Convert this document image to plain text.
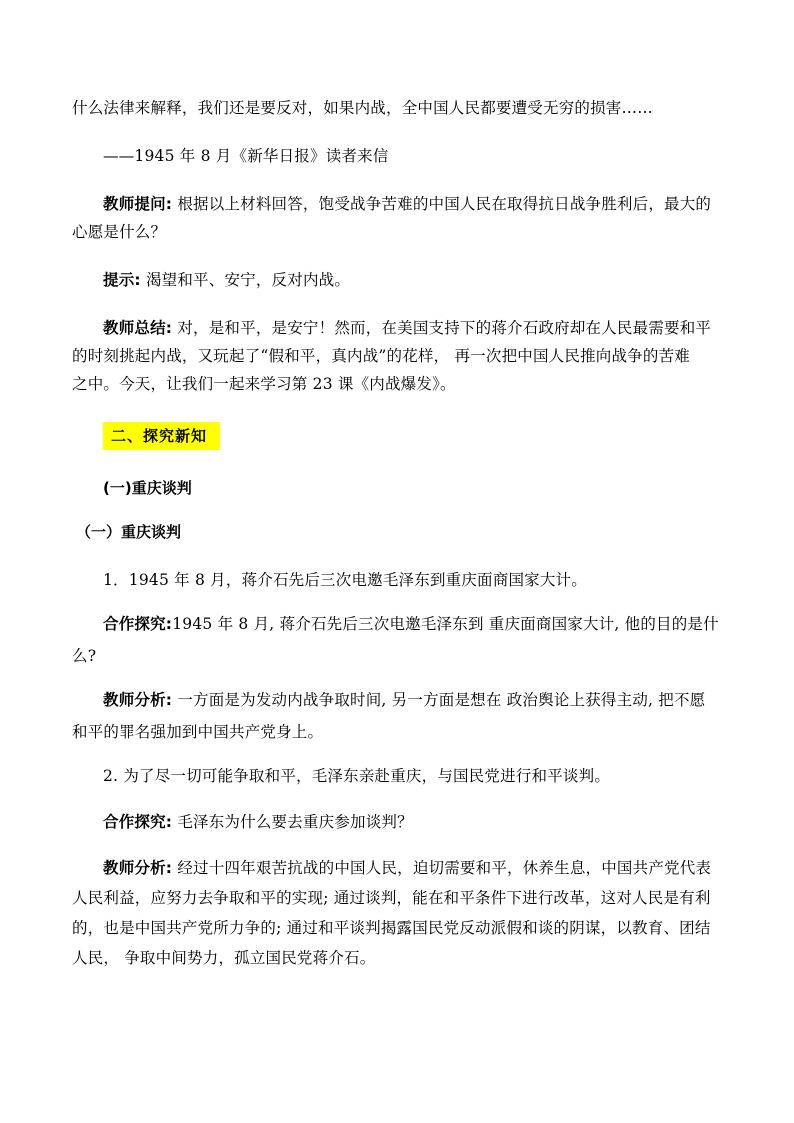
什么法律来解释，我们还是要反对，如果内战，全中国人民都要遭受无穷的损害……
——1945 年 8 月《新华日报》读者来信
教师提问: 根据以上材料回答，饱受战争苦难的中国人民在取得抗日战争胜利后，最大的
心愿是什么？
提示: 渴望和平、安宁，反对内战。
教师总结: 对，是和平，是安宁！然而，在美国支持下的蒋介石政府却在人民最需要和平
的时刻挑起内战，又玩起了“假和平，真内战”的花样， 再一次把中国人民推向战争的苦难
之中。今天，让我们一起来学习第 23 课《内战爆发》。
二、探究新知
(一)重庆谈判
（一）重庆谈判
1．1945 年 8 月，蒋介石先后三次电邀毛泽东到重庆面商国家大计。
合作探究:1945 年 8 月, 蒋介石先后三次电邀毛泽东到 重庆面商国家大计, 他的目的是什
么?
教师分析: 一方面是为发动内战争取时间, 另一方面是想在 政治舆论上获得主动, 把不愿
和平的罪名强加到中国共产党身上。
2. 为了尽一切可能争取和平，毛泽东亲赴重庆，与国民党进行和平谈判。
合作探究: 毛泽东为什么要去重庆参加谈判？
教师分析: 经过十四年艰苦抗战的中国人民，迫切需要和平，休养生息，中国共产党代表
人民利益，应努力去争取和平的实现; 通过谈判，能在和平条件下进行改革，这对人民是有利
的，也是中国共产党所力争的; 通过和平谈判揭露国民党反动派假和谈的阴谋，以教育、团结
人民， 争取中间势力，孤立国民党蒋介石。
